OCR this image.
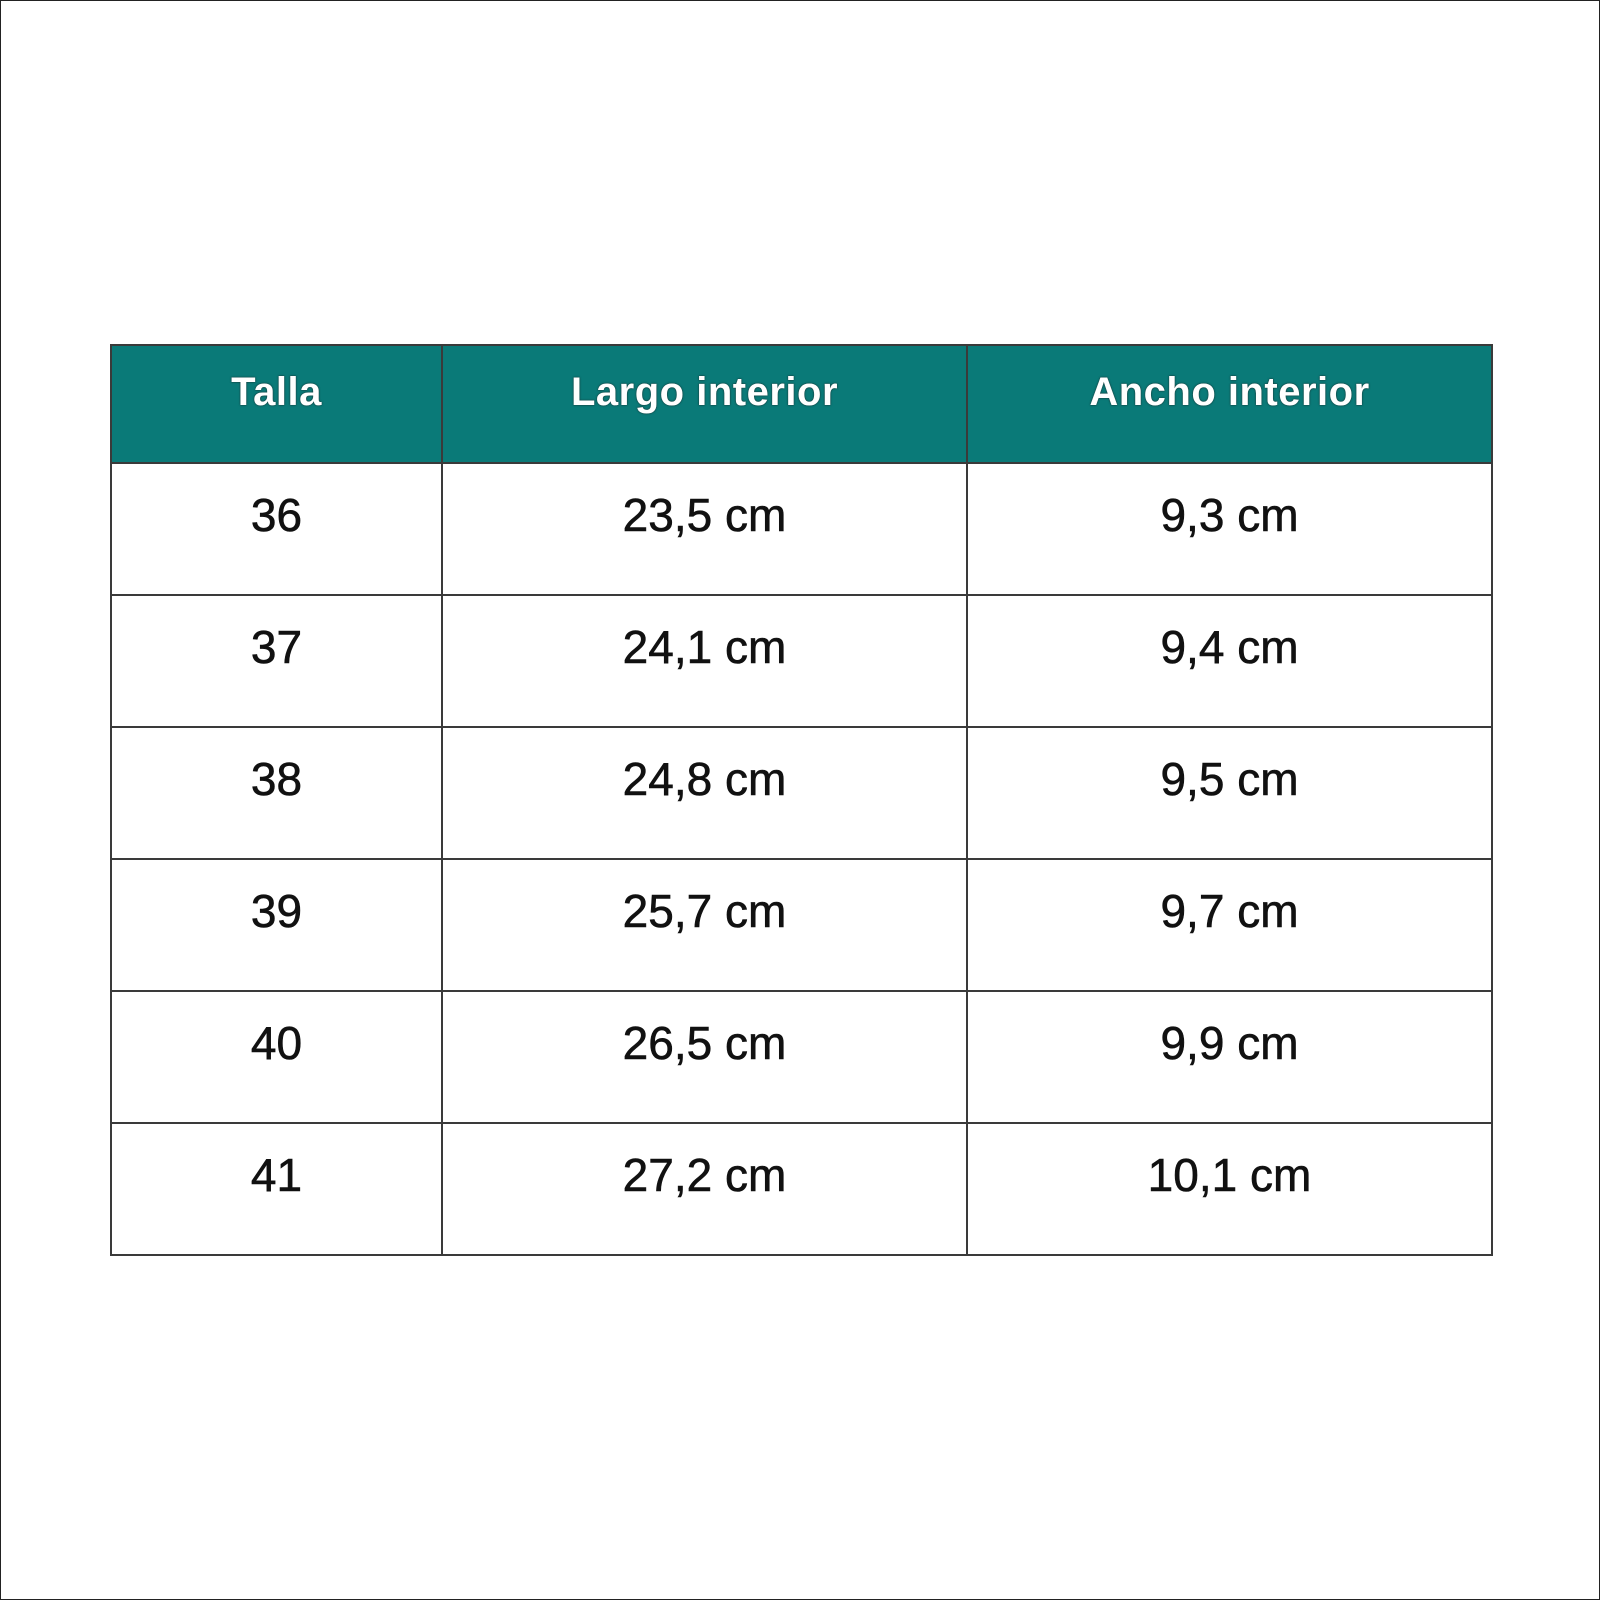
Talla	Largo interior	Ancho interior
36	23,5 cm	9,3 cm
37	24,1 cm	9,4 cm
38	24,8 cm	9,5 cm
39	25,7 cm	9,7 cm
40	26,5 cm	9,9 cm
41	27,2 cm	10,1 cm
